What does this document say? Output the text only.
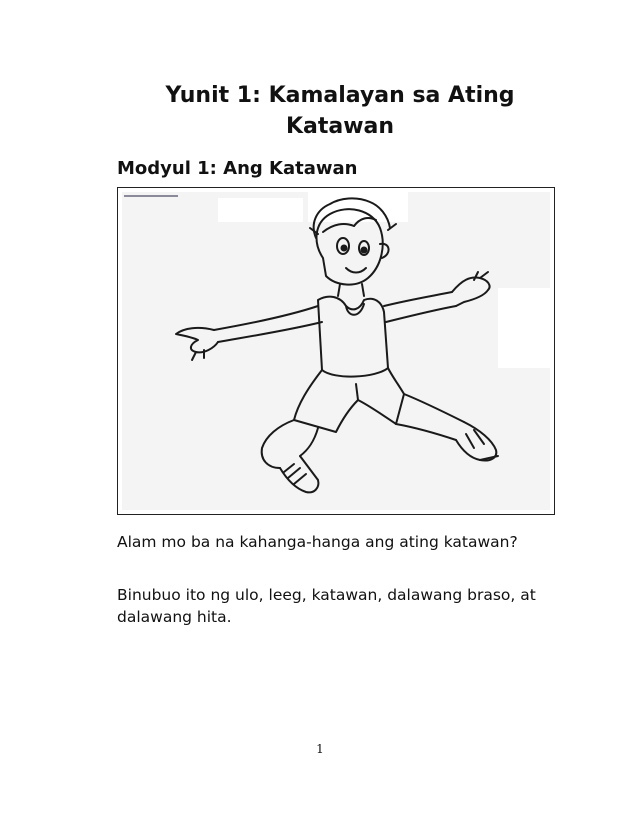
Yunit 1: Kamalayan sa Ating Katawan
Modyul 1: Ang Katawan

Alam mo ba na kahanga-hanga ang ating katawan?

Binubuo ito ng ulo, leeg, katawan, dalawang braso, at dalawang hita.

1
